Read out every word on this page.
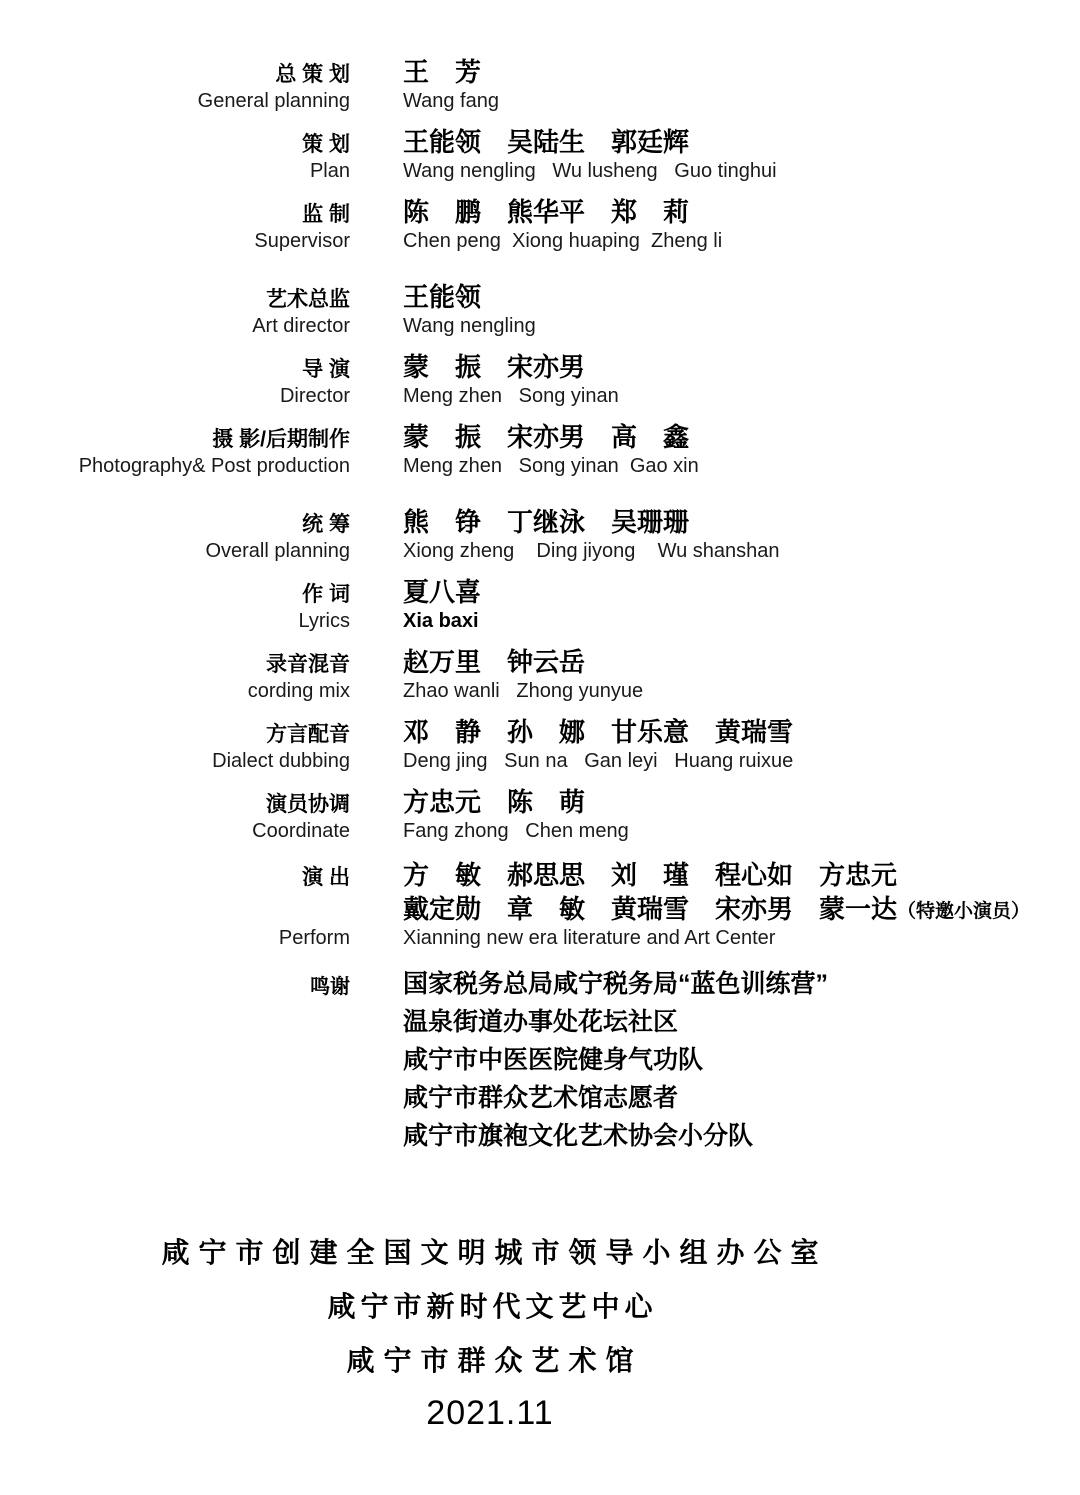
总 策 划
General planning
王　芳
Wang fang
策 划
Plan
王能领　吴陆生　郭廷辉
Wang nengling   Wu lusheng   Guo tinghui
监 制
Supervisor
陈　鹏　熊华平　郑　莉
Chen peng  Xiong huaping  Zheng li
艺术总监
Art director
王能领
Wang nengling
导 演
Director
蒙　振　宋亦男
Meng zhen   Song yinan
摄 影/后期制作
Photography& Post production
蒙　振　宋亦男　高　鑫
Meng zhen   Song yinan  Gao xin
统 筹
Overall planning
熊　铮　丁继泳　吴珊珊
Xiong zheng    Ding jiyong    Wu shanshan
作 词
Lyrics
夏八喜
Xia baxi
录音混音
cording mix
赵万里　钟云岳
Zhao wanli   Zhong yunyue
方言配音
Dialect dubbing
邓　静　孙　娜　甘乐意　黄瑞雪
Deng jing   Sun na   Gan leyi   Huang ruixue
演员协调
Coordinate
方忠元　陈　萌
Fang zhong   Chen meng
演 出
Perform
方　敏　郝思思　刘　瑾　程心如　方忠元
戴定勋　章　敏　黄瑞雪　宋亦男　蒙一达 （特邀小演员）
Xianning new era literature and Art Center
鸣谢 国家税务总局咸宁税务局“蓝色训练营”
温泉街道办事处花坛社区
咸宁市中医医院健身气功队
咸宁市群众艺术馆志愿者
咸宁市旗袍文化艺术协会小分队
咸宁市创建全国文明城市领导小组办公室
咸宁市新时代文艺中心
咸宁市群众艺术馆
2021.11
